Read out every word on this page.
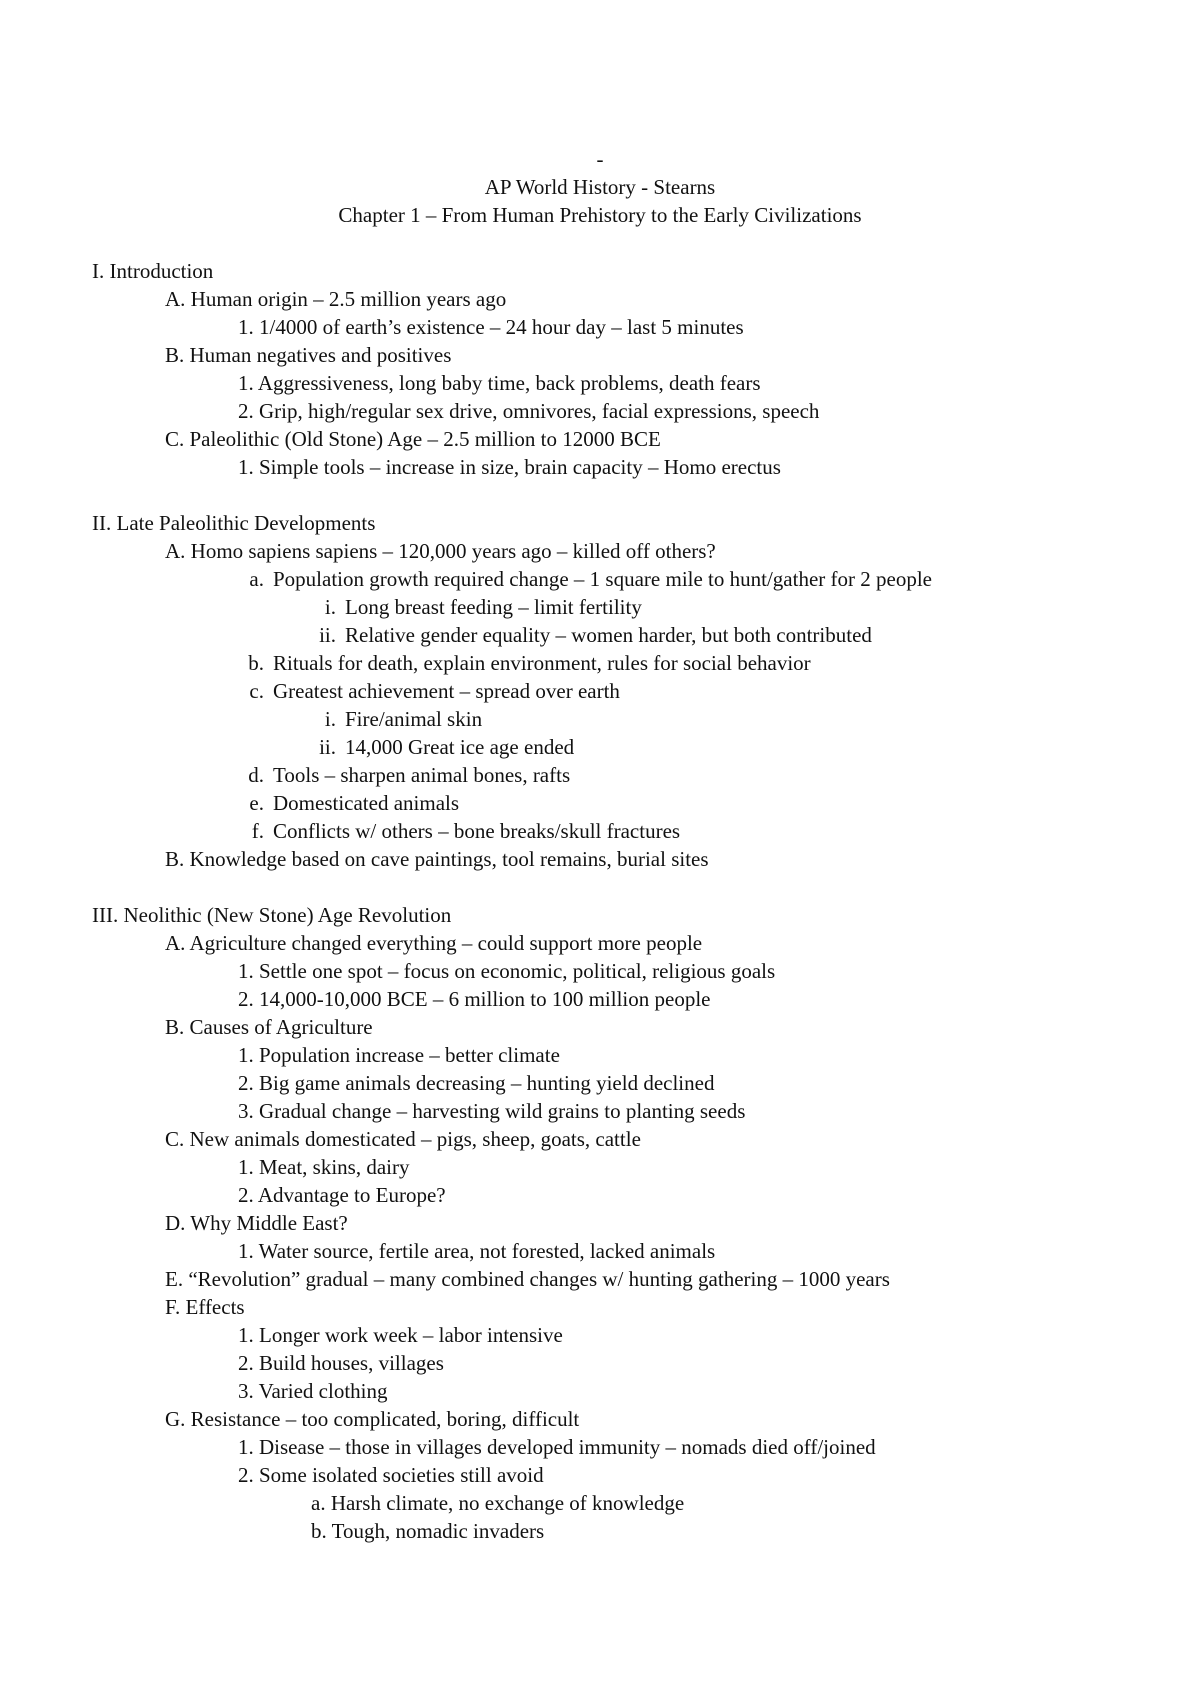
-
AP World History - Stearns
Chapter 1 – From Human Prehistory to the Early Civilizations
I. Introduction
A. Human origin – 2.5 million years ago
1. 1/4000 of earth’s existence – 24 hour day – last 5 minutes
B. Human negatives and positives
1. Aggressiveness, long baby time, back problems, death fears
2. Grip, high/regular sex drive, omnivores, facial expressions, speech
C. Paleolithic (Old Stone) Age – 2.5 million to 12000 BCE
1. Simple tools – increase in size, brain capacity – Homo erectus
II. Late Paleolithic Developments
A. Homo sapiens sapiens – 120,000 years ago – killed off others?
a. Population growth required change – 1 square mile to hunt/gather for 2 people
i. Long breast feeding – limit fertility
ii. Relative gender equality – women harder, but both contributed
b. Rituals for death, explain environment, rules for social behavior
c. Greatest achievement – spread over earth
i. Fire/animal skin
ii. 14,000 Great ice age ended
d. Tools – sharpen animal bones, rafts
e. Domesticated animals
f. Conflicts w/ others – bone breaks/skull fractures
B. Knowledge based on cave paintings, tool remains, burial sites
III. Neolithic (New Stone) Age Revolution
A. Agriculture changed everything – could support more people
1. Settle one spot – focus on economic, political, religious goals
2. 14,000-10,000 BCE – 6 million to 100 million people
B. Causes of Agriculture
1. Population increase – better climate
2. Big game animals decreasing – hunting yield declined
3. Gradual change – harvesting wild grains to planting seeds
C. New animals domesticated – pigs, sheep, goats, cattle
1. Meat, skins, dairy
2. Advantage to Europe?
D. Why Middle East?
1. Water source, fertile area, not forested, lacked animals
E. “Revolution” gradual – many combined changes w/ hunting gathering – 1000 years
F. Effects
1. Longer work week – labor intensive
2. Build houses, villages
3. Varied clothing
G. Resistance – too complicated, boring, difficult
1. Disease – those in villages developed immunity – nomads died off/joined
2. Some isolated societies still avoid
a. Harsh climate, no exchange of knowledge
b. Tough, nomadic invaders
